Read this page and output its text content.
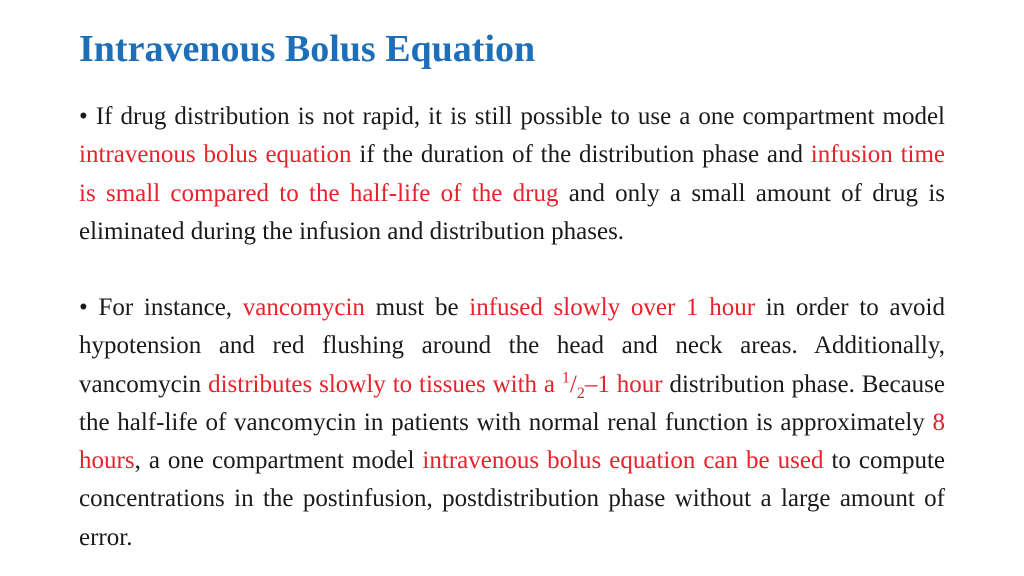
Intravenous Bolus Equation

• If drug distribution is not rapid, it is still possible to use a one compartment model intravenous bolus equation if the duration of the distribution phase and infusion time is small compared to the half-life of the drug and only a small amount of drug is eliminated during the infusion and distribution phases.

• For instance, vancomycin must be infused slowly over 1 hour in order to avoid hypotension and red flushing around the head and neck areas. Additionally, vancomycin distributes slowly to tissues with a $^1/_2-1$ hour distribution phase. Because the half-life of vancomycin in patients with normal renal function is approximately 8 hours, a one compartment model intravenous bolus equation can be used to compute concentrations in the postinfusion, postdistribution phase without a large amount of error.
